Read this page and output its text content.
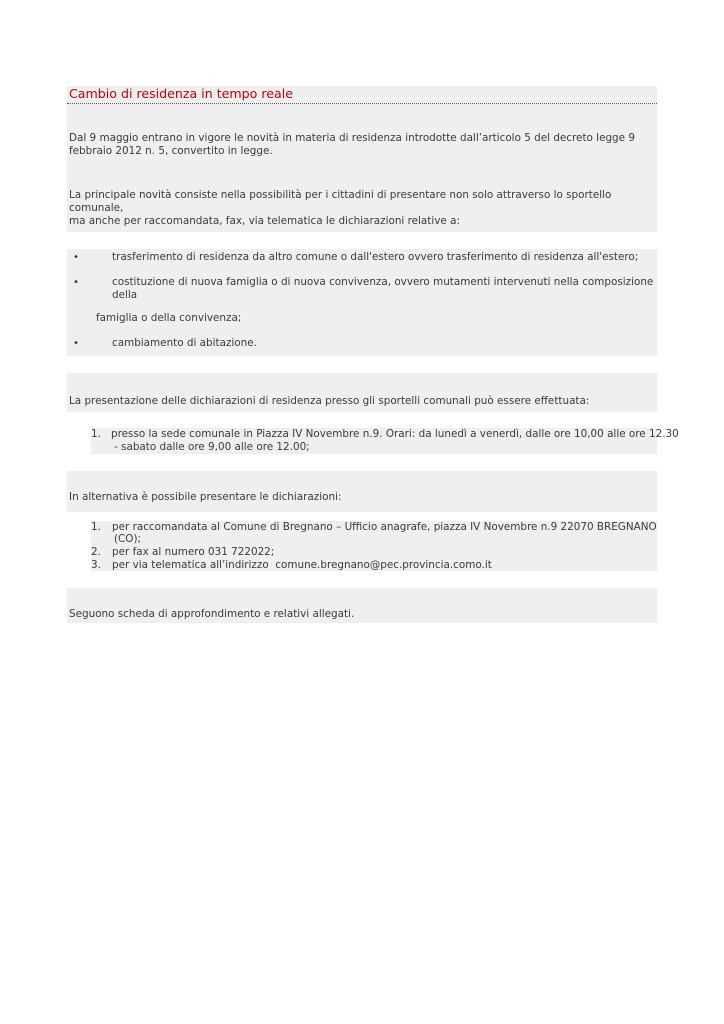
Cambio di residenza in tempo reale

Dal 9 maggio entrano in vigore le novità in materia di residenza introdotte dall’articolo 5 del decreto legge 9 febbraio 2012 n. 5, convertito in legge.

La principale novità consiste nella possibilità per i cittadini di presentare non solo attraverso lo sportello comunale,

ma anche per raccomandata, fax, via telematica le dichiarazioni relative a:

•	trasferimento di residenza da altro comune o dall'estero ovvero trasferimento di residenza all'estero;
•	costituzione di nuova famiglia o di nuova convivenza, ovvero mutamenti intervenuti nella composizione della
famiglia o della convivenza;
•	cambiamento di abitazione.

La presentazione delle dichiarazioni di residenza presso gli sportelli comunali può essere effettuata:

1. presso la sede comunale in Piazza IV Novembre n.9. Orari: da lunedì a venerdì, dalle ore 10,00 alle ore 12.30
- sabato dalle ore 9,00 alle ore 12.00;

In alternativa è possibile presentare le dichiarazioni:

1. per raccomandata al Comune di Bregnano – Ufficio anagrafe, piazza IV Novembre n.9 22070 BREGNANO
(CO);
2. per fax al numero 031 722022;
3. per via telematica all’indirizzo  comune.bregnano@pec.provincia.como.it

Seguono scheda di approfondimento e relativi allegati.
